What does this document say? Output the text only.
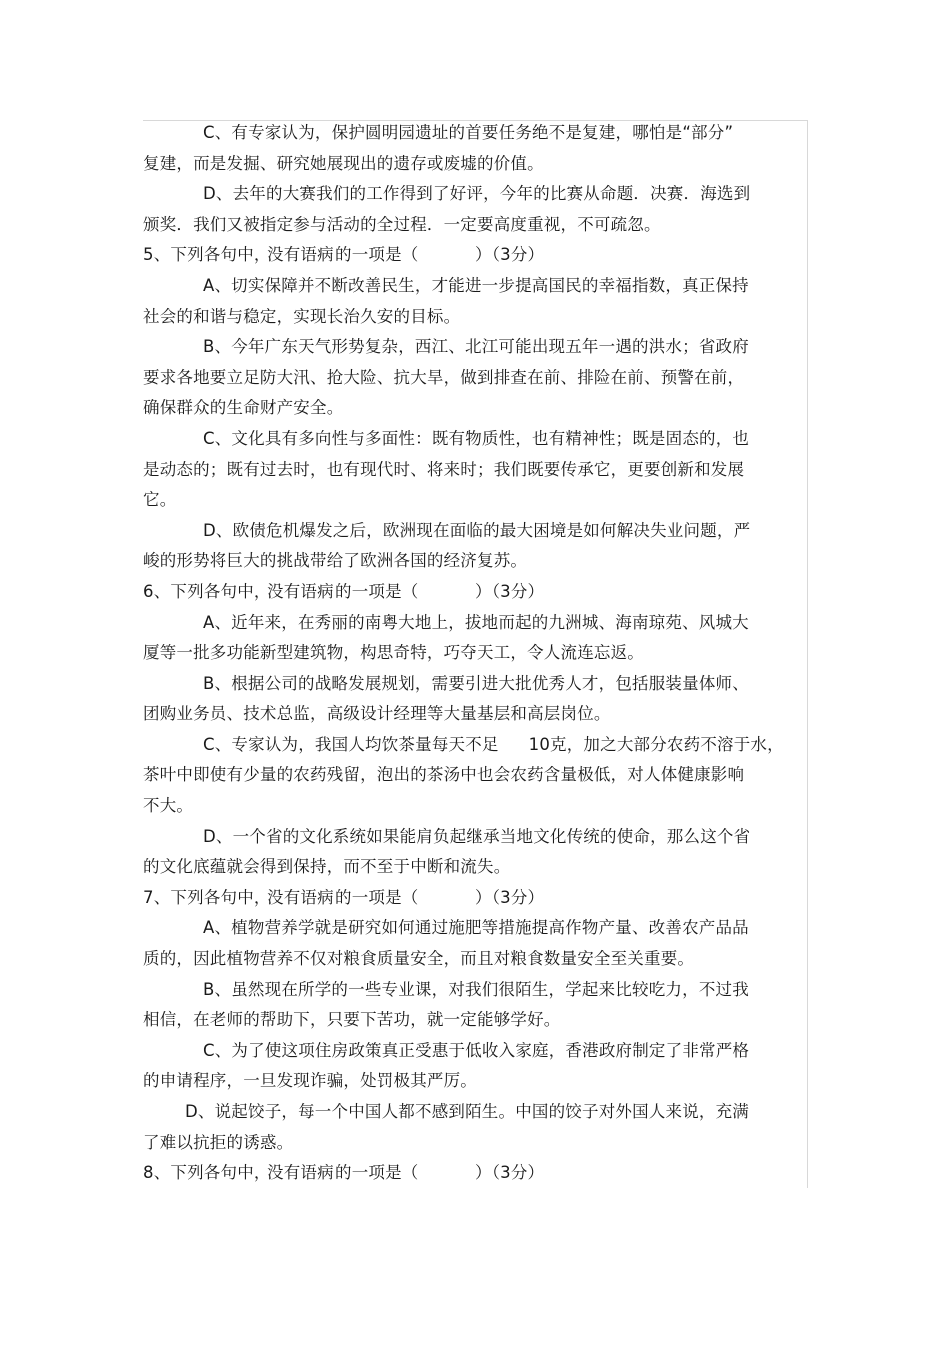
C、有专家认为，保护圆明园遗址的首要任务绝不是复建，哪怕是“部分”
复建，而是发掘、研究她展现出的遗存或废墟的价值。
D、去年的大赛我们的工作得到了好评，今年的比赛从命题．决赛．海选到
颁奖．我们又被指定参与活动的全过程．一定要高度重视，不可疏忽。
5、下列各句中，没有语病的一项是（	）（3分）
A、切实保障并不断改善民生，才能进一步提高国民的幸福指数，真正保持
社会的和谐与稳定，实现长治久安的目标。
B、今年广东天气形势复杂，西江、北江可能出现五年一遇的洪水；省政府
要求各地要立足防大汛、抢大险、抗大旱，做到排查在前、排险在前、预警在前，
确保群众的生命财产安全。
C、文化具有多向性与多面性：既有物质性，也有精神性；既是固态的，也
是动态的；既有过去时，也有现代时、将来时；我们既要传承它，更要创新和发展
它。
D、欧债危机爆发之后，欧洲现在面临的最大困境是如何解决失业问题，严
峻的形势将巨大的挑战带给了欧洲各国的经济复苏。
6、下列各句中，没有语病的一项是（	）（3分）
A、近年来，在秀丽的南粤大地上，拔地而起的九洲城、海南琼苑、风城大
厦等一批多功能新型建筑物，构思奇特，巧夺天工，令人流连忘返。
B、根据公司的战略发展规划，需要引进大批优秀人才，包括服装量体师、
团购业务员、技术总监，高级设计经理等大量基层和高层岗位。
C、专家认为，我国人均饮茶量每天不足 10克，加之大部分农药不溶于水，
茶叶中即使有少量的农药残留，泡出的茶汤中也会农药含量极低，对人体健康影响
不大。
D、一个省的文化系统如果能肩负起继承当地文化传统的使命，那么这个省
的文化底蕴就会得到保持，而不至于中断和流失。
7、下列各句中，没有语病的一项是（	）（3分）
A、植物营养学就是研究如何通过施肥等措施提高作物产量、改善农产品品
质的，因此植物营养不仅对粮食质量安全，而且对粮食数量安全至关重要。
B、虽然现在所学的一些专业课，对我们很陌生，学起来比较吃力，不过我
相信，在老师的帮助下，只要下苦功，就一定能够学好。
C、为了使这项住房政策真正受惠于低收入家庭，香港政府制定了非常严格
的申请程序，一旦发现诈骗，处罚极其严厉。
D、说起饺子，每一个中国人都不感到陌生。中国的饺子对外国人来说，充满
了难以抗拒的诱惑。
8、下列各句中，没有语病的一项是（	）（3分）
